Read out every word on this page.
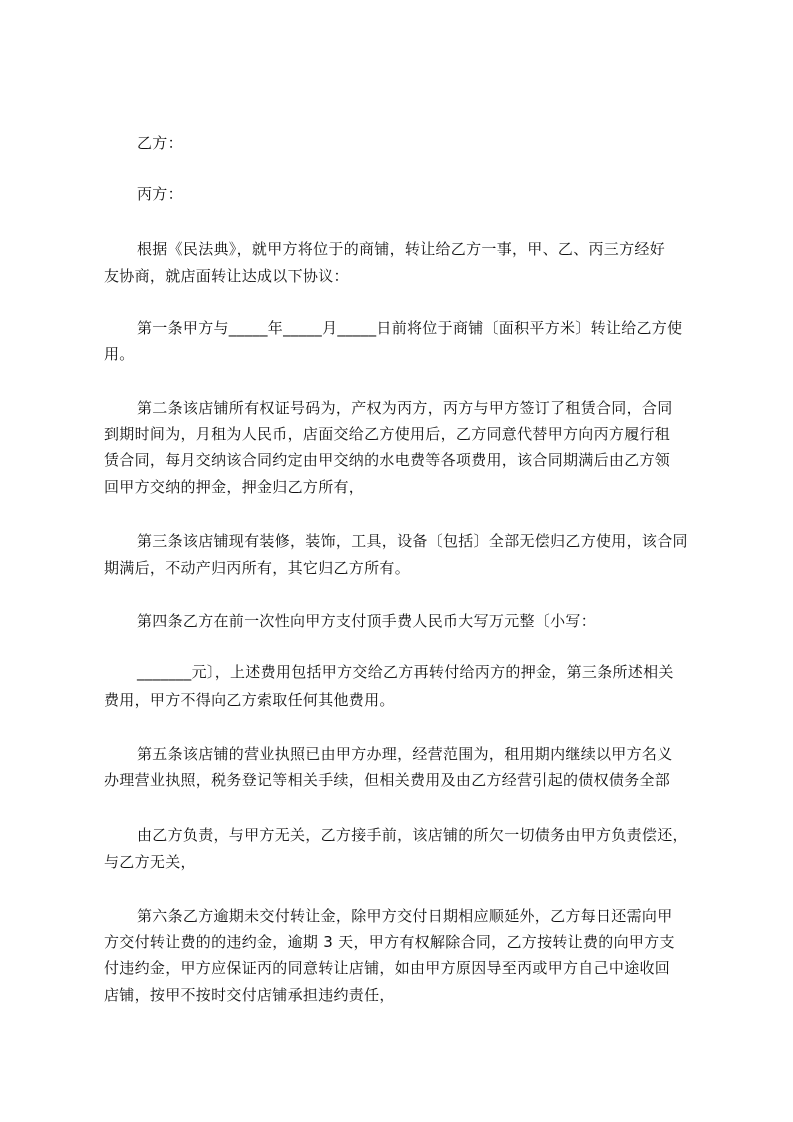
乙方：
丙方：
根据《民法典》，就甲方将位于的商铺，转让给乙方一事，甲、乙、丙三方经好
友协商，就店面转让达成以下协议：
第一条甲方与_____年_____月_____日前将位于商铺〔面积平方米〕转让给乙方使
用。
第二条该店铺所有权证号码为，产权为丙方，丙方与甲方签订了租赁合同，合同
到期时间为，月租为人民币，店面交给乙方使用后，乙方同意代替甲方向丙方履行租
赁合同，每月交纳该合同约定由甲交纳的水电费等各项费用，该合同期满后由乙方领
回甲方交纳的押金，押金归乙方所有，
第三条该店铺现有装修，装饰，工具，设备〔包括〕全部无偿归乙方使用，该合同
期满后，不动产归丙所有，其它归乙方所有。
第四条乙方在前一次性向甲方支付顶手费人民币大写万元整〔小写：
_______元〕，上述费用包括甲方交给乙方再转付给丙方的押金，第三条所述相关
费用，甲方不得向乙方索取任何其他费用。
第五条该店铺的营业执照已由甲方办理，经营范围为，租用期内继续以甲方名义
办理营业执照，税务登记等相关手续，但相关费用及由乙方经营引起的债权债务全部
由乙方负责，与甲方无关，乙方接手前，该店铺的所欠一切债务由甲方负责偿还，
与乙方无关，
第六条乙方逾期未交付转让金，除甲方交付日期相应顺延外，乙方每日还需向甲
方交付转让费的的违约金，逾期 3 天，甲方有权解除合同，乙方按转让费的向甲方支
付违约金，甲方应保证丙的同意转让店铺，如由甲方原因导至丙或甲方自己中途收回
店铺，按甲不按时交付店铺承担违约责任，
